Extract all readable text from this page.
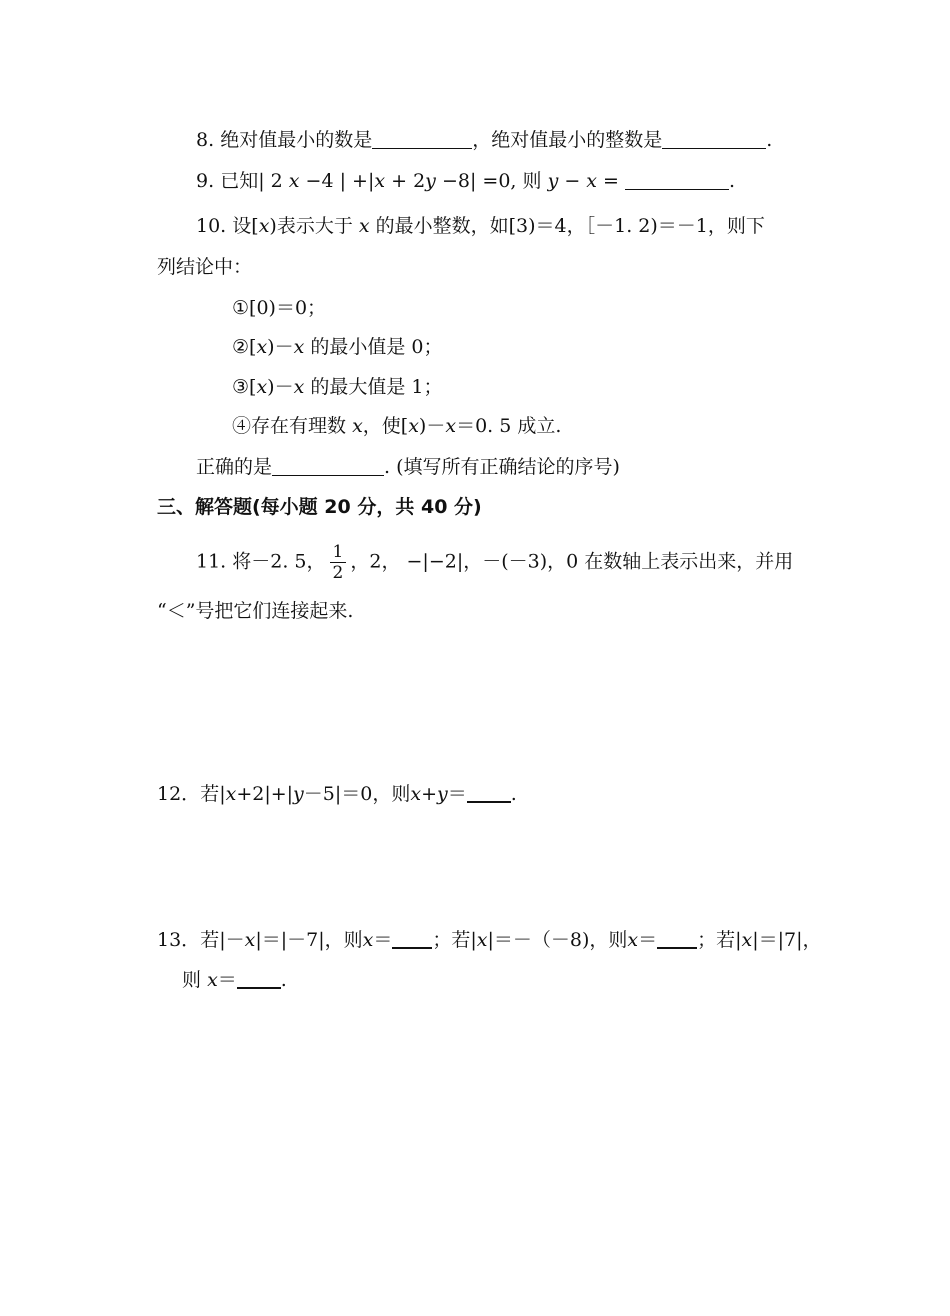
8. 绝对值最小的数是	，绝对值最小的整数是	.
9. 已知| 2 x −4 | +|x + 2y −8| =0, 则 y − x =	.
10. 设[x)表示大于 x 的最小整数，如[3)＝4，［－1. 2)＝－1，则下
列结论中：
①[0)＝0；
②[x)－x 的最小值是 0；
③[x)－x 的最大值是 1；
④存在有理数 x，使[x)－x＝0. 5 成立.
正确的是	. (填写所有正确结论的序号)
三、解答题(每小题 20 分，共 40 分)
11. 将－2. 5， $\frac{1}{2}$ ，2， −|−2|，－(－3)，0 在数轴上表示出来，并用
“＜”号把它们连接起来.
12．若|x+2|+|y－5|＝0，则x+y＝ .
13．若|－x|＝|－7|，则x＝ ；若|x|＝－（－8)，则x＝ ；若|x|＝|7|，
则 x＝ .
